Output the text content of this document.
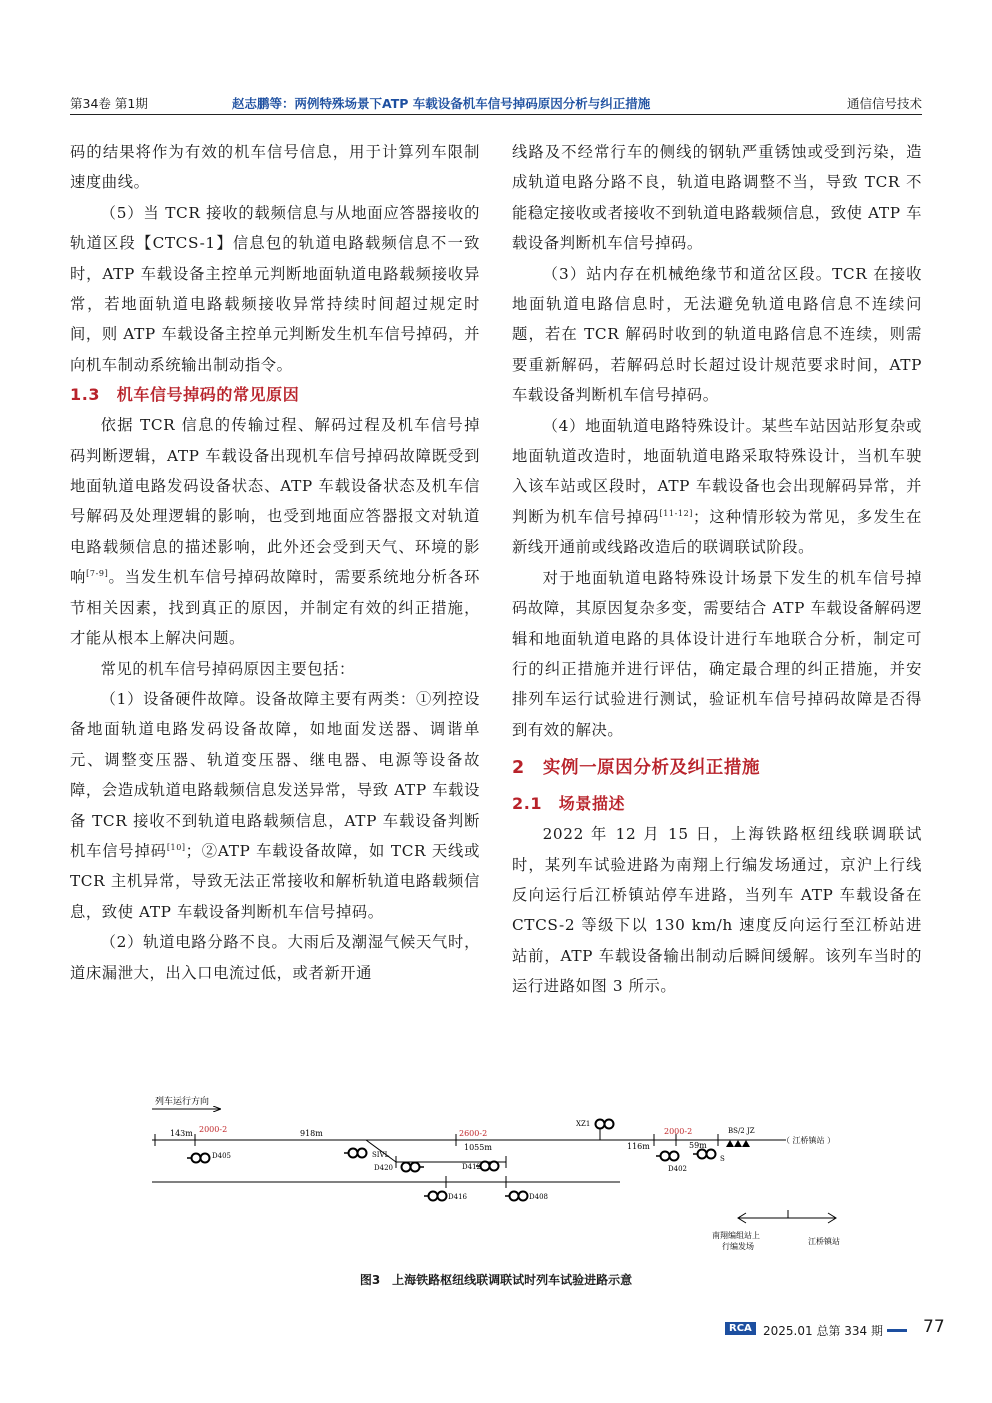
第34卷 第1期	赵志鹏等：两例特殊场景下ATP 车载设备机车信号掉码原因分析与纠正措施	通信信号技术

码的结果将作为有效的机车信号信息，用于计算列车限制速度曲线。

（5）当 TCR 接收的载频信息与从地面应答器接收的轨道区段【CTCS-1】信息包的轨道电路载频信息不一致时，ATP 车载设备主控单元判断地面轨道电路载频接收异常，若地面轨道电路载频接收异常持续时间超过规定时间，则 ATP 车载设备主控单元判断发生机车信号掉码，并向机车制动系统输出制动指令。

1.3　机车信号掉码的常见原因

依据 TCR 信息的传输过程、解码过程及机车信号掉码判断逻辑，ATP 车载设备出现机车信号掉码故障既受到地面轨道电路发码设备状态、ATP 车载设备状态及机车信号解码及处理逻辑的影响，也受到地面应答器报文对轨道电路载频信息的描述影响，此外还会受到天气、环境的影响[7-9]。当发生机车信号掉码故障时，需要系统地分析各环节相关因素，找到真正的原因，并制定有效的纠正措施，才能从根本上解决问题。

常见的机车信号掉码原因主要包括：

（1）设备硬件故障。设备故障主要有两类：①列控设备地面轨道电路发码设备故障，如地面发送器、调谐单元、调整变压器、轨道变压器、继电器、电源等设备故障，会造成轨道电路载频信息发送异常，导致 ATP 车载设备 TCR 接收不到轨道电路载频信息，ATP 车载设备判断机车信号掉码[10]；②ATP 车载设备故障，如 TCR 天线或 TCR 主机异常，导致无法正常接收和解析轨道电路载频信息，致使 ATP 车载设备判断机车信号掉码。

（2）轨道电路分路不良。大雨后及潮湿气候天气时，道床漏泄大，出入口电流过低，或者新开通

线路及不经常行车的侧线的钢轨严重锈蚀或受到污染，造成轨道电路分路不良，轨道电路调整不当，导致 TCR 不能稳定接收或者接收不到轨道电路载频信息，致使 ATP 车载设备判断机车信号掉码。

（3）站内存在机械绝缘节和道岔区段。TCR 在接收地面轨道电路信息时，无法避免轨道电路信息不连续问题，若在 TCR 解码时收到的轨道电路信息不连续，则需要重新解码，若解码总时长超过设计规范要求时间，ATP 车载设备判断机车信号掉码。

（4）地面轨道电路特殊设计。某些车站因站形复杂或地面轨道改造时，地面轨道电路采取特殊设计，当机车驶入该车站或区段时，ATP 车载设备也会出现解码异常，并判断为机车信号掉码[11-12]；这种情形较为常见，多发生在新线开通前或线路改造后的联调联试阶段。

对于地面轨道电路特殊设计场景下发生的机车信号掉码故障，其原因复杂多变，需要结合 ATP 车载设备解码逻辑和地面轨道电路的具体设计进行车地联合分析，制定可行的纠正措施并进行评估，确定最合理的纠正措施，并安排列车运行试验进行测试，验证机车信号掉码故障是否得到有效的解决。

2　实例一原因分析及纠正措施
2.1　场景描述

2022 年 12 月 15 日，上海铁路枢纽线联调联试时，某列车试验进路为南翔上行编发场通过，京沪上行线反向运行后江桥镇站停车进路，当列车 ATP 车载设备在 CTCS-2 等级下以 130 km/h 速度反向运行至江桥站进站前，ATP 车载设备输出制动后瞬间缓解。该列车当时的运行进路如图 3 所示。

列车运行方向
143m	918m
1055m	116m	59m
2000-2	2600-2	2000-2
D405	SIVL
D420	D412
D416	D408
XZ1
D402
S
BS/2 JZ
（ 江桥镇站 ）
南翔编组站上
行编发场
江桥镇站
图3　上海铁路枢纽线联调联试时列车试验进路示意
RCA 2025.01 总第 334 期 77
